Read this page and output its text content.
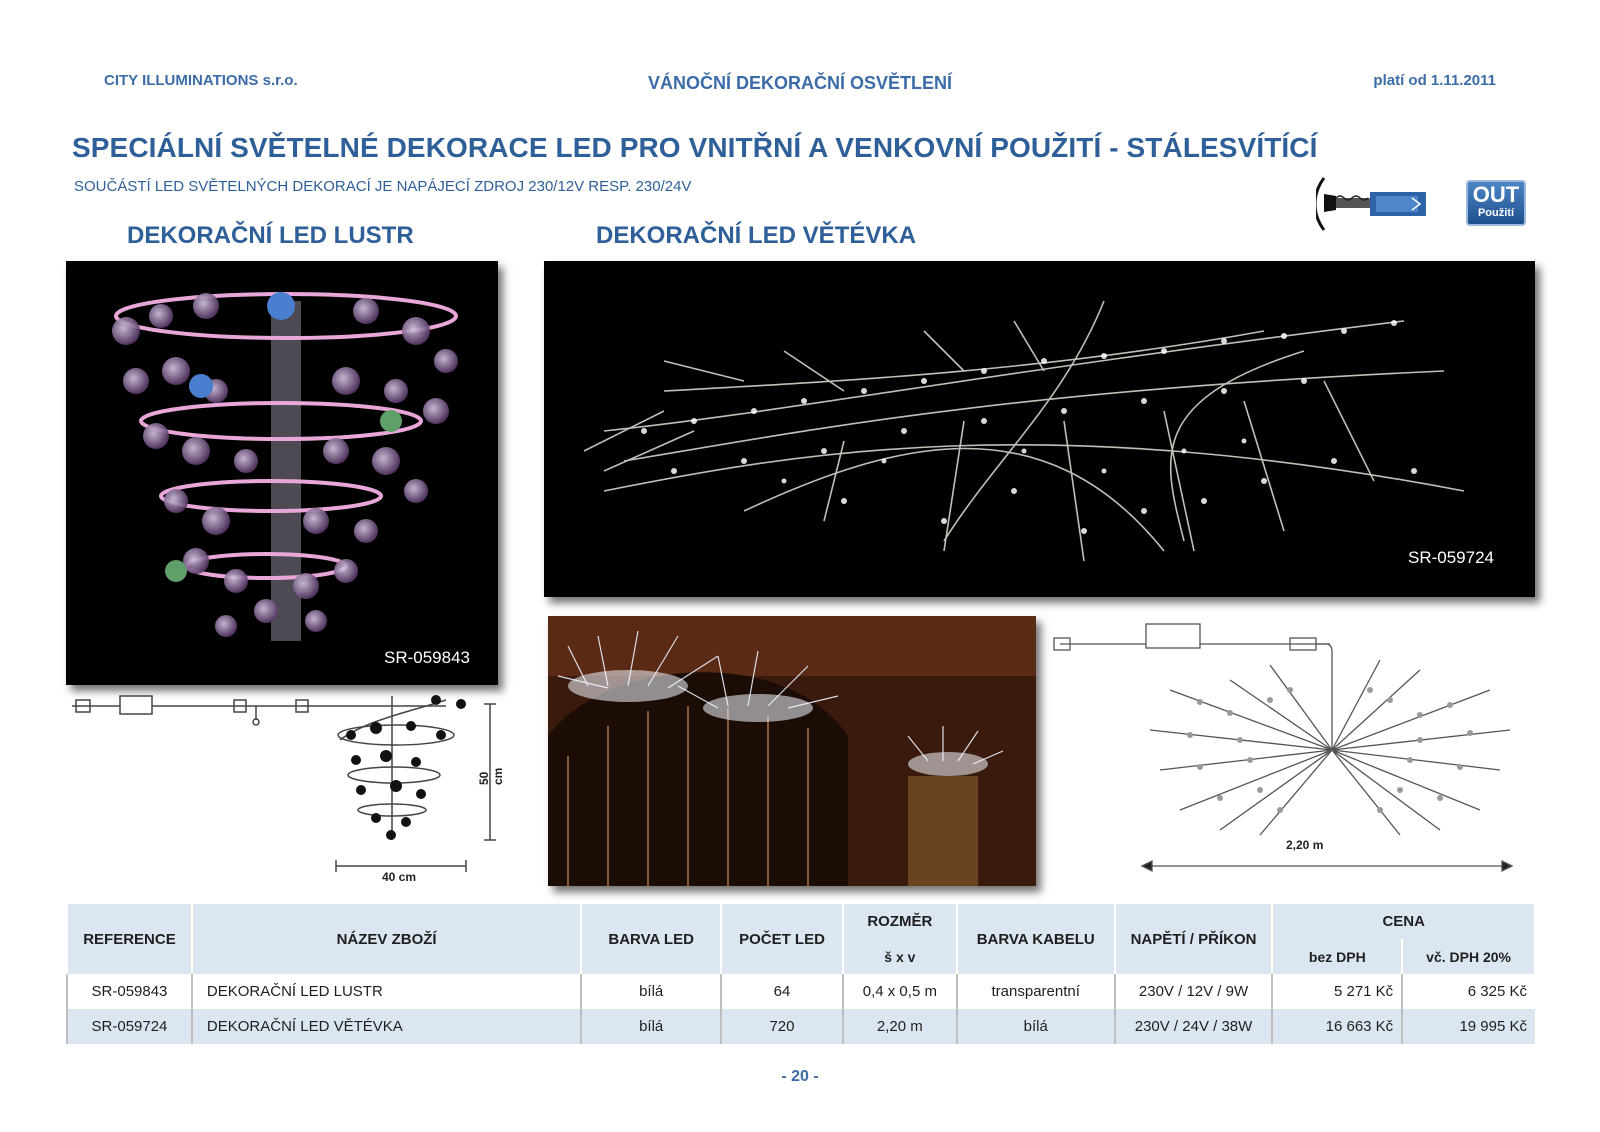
CITY ILLUMINATIONS s.r.o.	VÁNOČNÍ DEKORAČNÍ OSVĚTLENÍ	platí od 1.11.2011
SPECIÁLNÍ SVĚTELNÉ DEKORACE LED PRO VNITŘNÍ A VENKOVNÍ POUŽITÍ - STÁLESVÍTÍCÍ
SOUČÁSTÍ LED SVĚTELNÝCH DEKORACÍ JE NAPÁJECÍ ZDROJ 230/12V RESP. 230/24V	OUT
Použití
DEKORAČNÍ LED LUSTR	DEKORAČNÍ LED VĚTÉVKA
SR-059843
SR-059724
50 cm
40 cm
2,20 m
REFERENCE	NÁZEV ZBOŽÍ	BARVA LED	POČET LED	ROZMĚR	BARVA KABELU	NAPĚTÍ / PŘÍKON	CENA	
				š x v			bez DPH	vč. DPH 20%
SR-059843	DEKORAČNÍ LED LUSTR	bílá	64	0,4 x 0,5 m	transparentní	230V / 12V / 9W	5 271 Kč	6 325 Kč
SR-059724	DEKORAČNÍ LED VĚTÉVKA	bílá	720	2,20 m	bílá	230V / 24V / 38W	16 663 Kč	19 995 Kč
- 20 -
